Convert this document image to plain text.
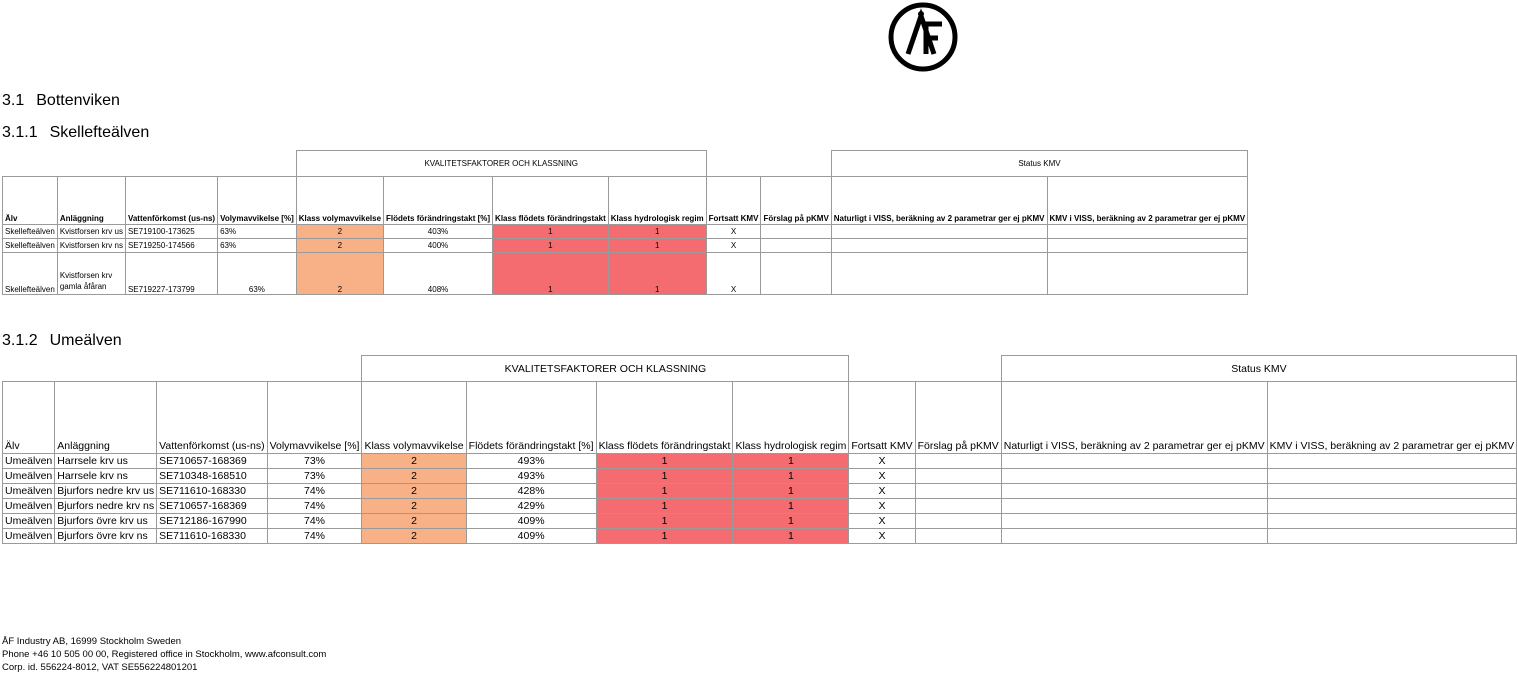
3.1 Bottenviken
3.1.1 Skellefteälven
				KVALITETSFAKTORER OCH KLASSNING						Status KMV	
Älv	Anläggning	Vattenförkomst (us-ns)	Volymavvikelse [%]	Klass volymavvikelse	Flödets förändringstakt [%]	Klass flödets förändringstakt	Klass hydrologisk regim	Fortsatt KMV	Förslag på pKMV	Naturligt i VISS, beräkning av 2 parametrar ger ej pKMV	KMV i VISS, beräkning av 2 parametrar ger ej pKMV
Skellefteälven	Kvistforsen krv us	SE719100-173625	63%	2	403%	1	1	X			
Skellefteälven	Kvistforsen krv ns	SE719250-174566	63%	2	400%	1	1	X			
Skellefteälven	Kvistforsen krv gamla åfåran	SE719227-173799	63%	2	408%	1	1	X			
3.1.2 Umeälven
				KVALITETSFAKTORER OCH KLASSNING						Status KMV	
Älv	Anläggning	Vattenförkomst (us-ns)	Volymavvikelse [%]	Klass volymavvikelse	Flödets förändringstakt [%]	Klass flödets förändringstakt	Klass hydrologisk regim	Fortsatt KMV	Förslag på pKMV	Naturligt i VISS, beräkning av 2 parametrar ger ej pKMV	KMV i VISS, beräkning av 2 parametrar ger ej pKMV
Umeälven	Harrsele krv us	SE710657-168369	73%	2	493%	1	1	X			
Umeälven	Harrsele krv ns	SE710348-168510	73%	2	493%	1	1	X			
Umeälven	Bjurfors nedre krv us	SE711610-168330	74%	2	428%	1	1	X			
Umeälven	Bjurfors nedre krv ns	SE710657-168369	74%	2	429%	1	1	X			
Umeälven	Bjurfors övre krv us	SE712186-167990	74%	2	409%	1	1	X			
Umeälven	Bjurfors övre krv ns	SE711610-168330	74%	2	409%	1	1	X			
ÅF Industry AB, 16999 Stockholm Sweden
Phone +46 10 505 00 00, Registered office in Stockholm, www.afconsult.com
Corp. id. 556224-8012, VAT SE556224801201
